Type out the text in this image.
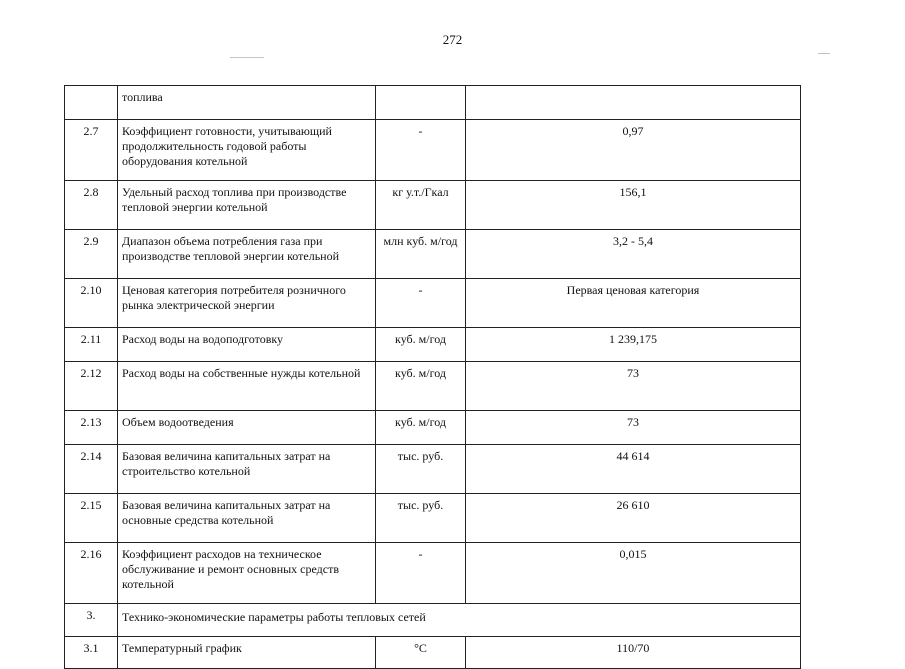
272
	топлива		
2.7	Коэффициент готовности, учитывающий продолжительность годовой работы оборудования котельной	-	0,97
2.8	Удельный расход топлива при производстве тепловой энергии котельной	кг у.т./Гкал	156,1
2.9	Диапазон объема потребления газа при производстве тепловой энергии котельной	млн куб. м/год	3,2 - 5,4
2.10	Ценовая категория потребителя розничного рынка электрической энергии	-	Первая ценовая категория
2.11	Расход воды на водоподготовку	куб. м/год	1 239,175
2.12	Расход воды на собственные нужды котельной	куб. м/год	73
2.13	Объем водоотведения	куб. м/год	73
2.14	Базовая величина капитальных затрат на строительство котельной	тыс. руб.	44 614
2.15	Базовая величина капитальных затрат на основные средства котельной	тыс. руб.	26 610
2.16	Коэффициент расходов на техническое обслуживание и ремонт основных средств котельной	-	0,015
3.	Технико-экономические параметры работы тепловых сетей		
3.1	Температурный график	°С	110/70
